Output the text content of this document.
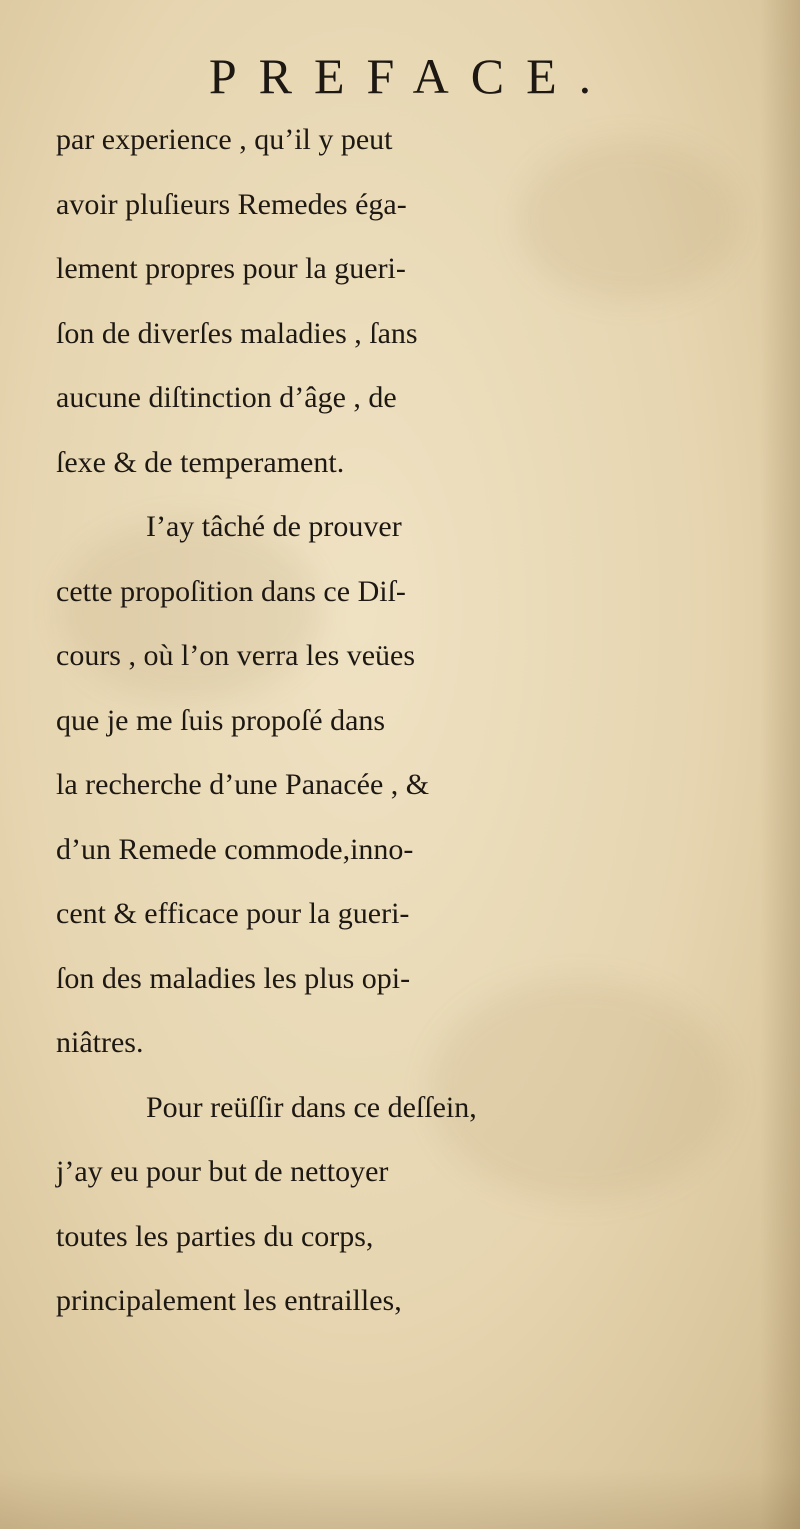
PREFACE.
par experience , qu’il y peut
avoir pluſieurs Remedes éga-
lement propres pour la gueri-
ſon de diverſes maladies , ſans
aucune diſtinction d’âge , de
ſexe & de temperament.
I’ay tâché de prouver
cette propoſition dans ce Diſ-
cours , où l’on verra les veües
que je me ſuis propoſé dans
la recherche d’une Panacée , &
d’un Remede commode,inno-
cent & efficace pour la gueri-
ſon des maladies les plus opi-
niâtres.
Pour reüſſir dans ce deſſein,
j’ay eu pour but de nettoyer
toutes les parties du corps,
principalement les entrailles,
